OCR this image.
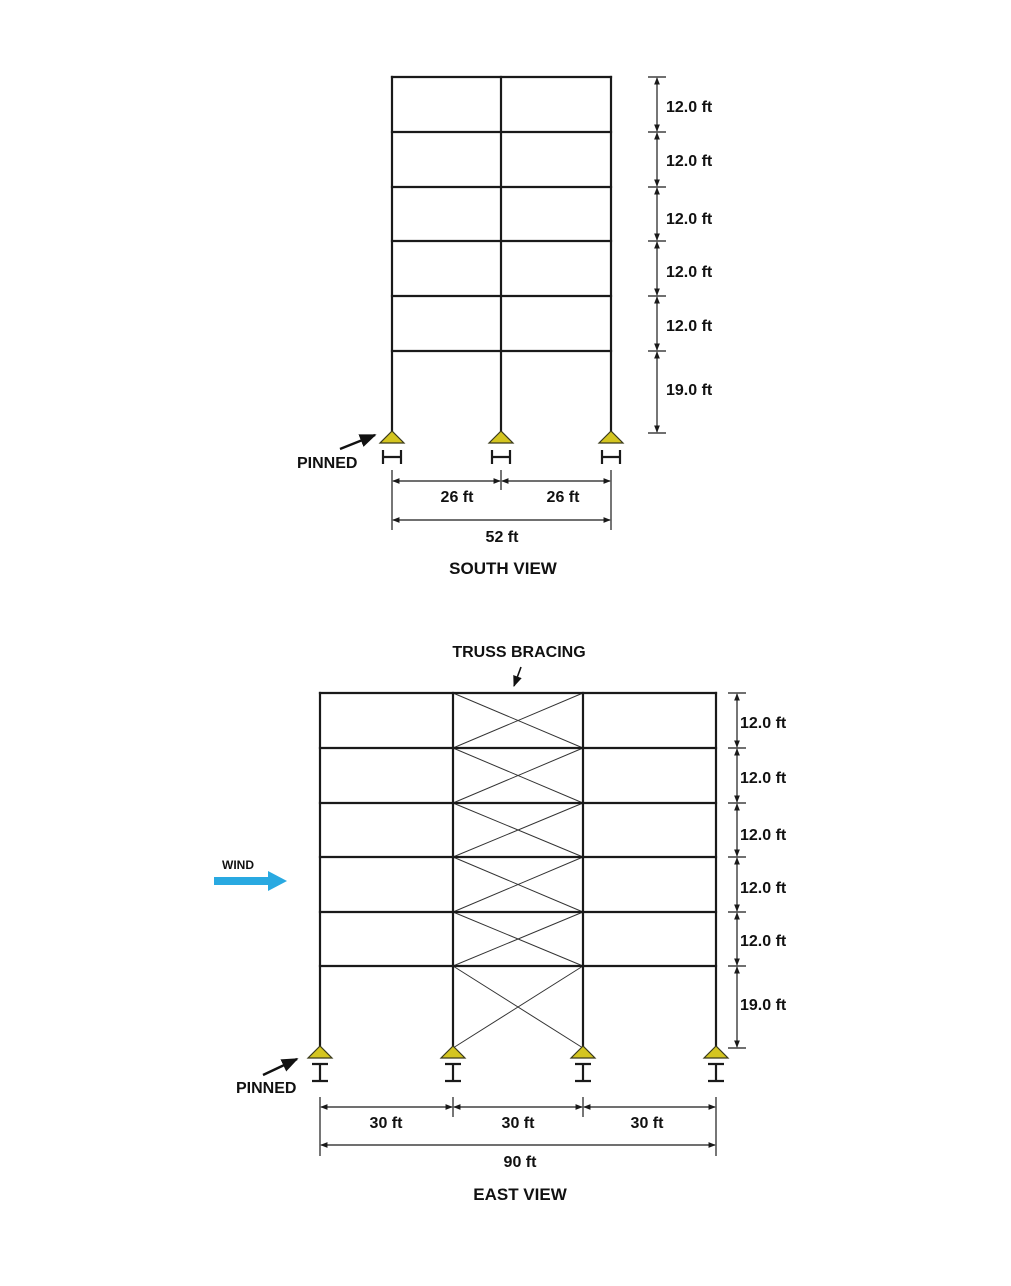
12.0 ft
12.0 ft
12.0 ft
12.0 ft
12.0 ft
19.0 ft
26 ft	26 ft
52 ft
PINNED
SOUTH VIEW
TRUSS BRACING
12.0 ft
12.0 ft
12.0 ft
12.0 ft
12.0 ft
19.0 ft
30 ft	30 ft	30 ft
90 ft
WIND
PINNED
EAST VIEW
